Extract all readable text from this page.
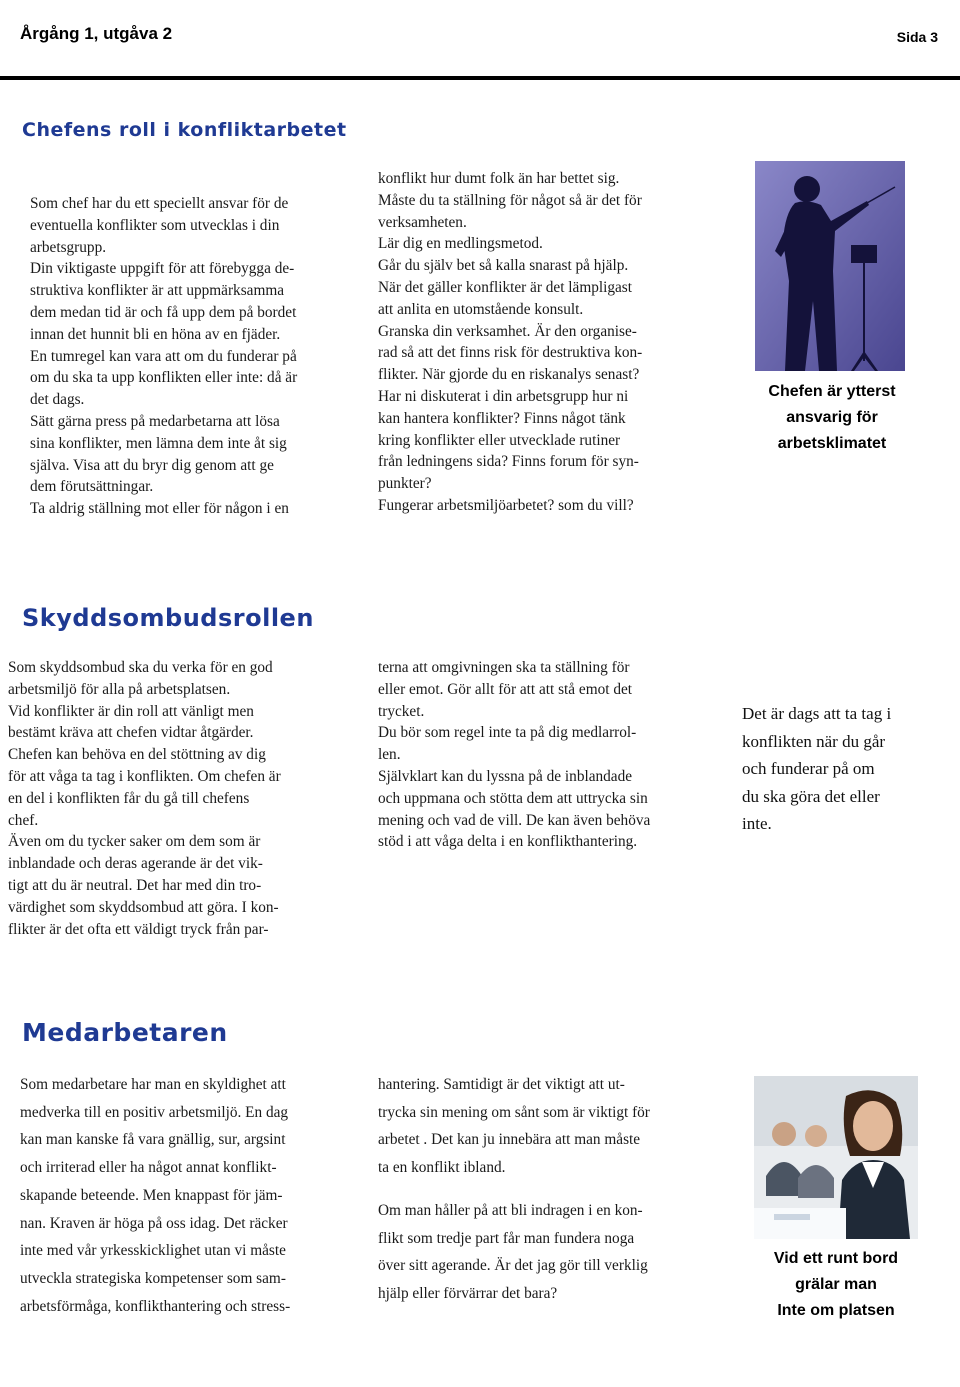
Årgång 1, utgåva 2	Sida 3
Chefens roll i konfliktarbetet

Som chef har du ett speciellt ansvar för de
eventuella konflikter som utvecklas i din
arbetsgrupp.
Din viktigaste uppgift för att förebygga de-
struktiva konflikter är att uppmärksamma
dem medan tid är och få upp dem på bordet
innan det hunnit bli en höna av en fjäder.
En tumregel kan vara att om du funderar på
om du ska ta upp konflikten eller inte: då är
det dags.
Sätt gärna press på medarbetarna att lösa
sina konflikter, men lämna dem inte åt sig
själva. Visa att du bryr dig genom att ge
dem förutsättningar.
Ta aldrig ställning mot eller för någon i en

konflikt hur dumt folk än har bettet sig.
Måste du ta ställning för något så är det för
verksamheten.
Lär dig en medlingsmetod.
Går du själv bet så kalla snarast på hjälp.
När det gäller konflikter är det lämpligast
att anlita en utomstående konsult.
Granska din verksamhet. Är den organise-
rad så att det finns risk för destruktiva kon-
flikter. När gjorde du en riskanalys senast?
Har ni diskuterat i din arbetsgrupp hur ni
kan hantera konflikter? Finns något tänk
kring konflikter eller utvecklade rutiner
från ledningens sida? Finns forum för syn-
punkter?
Fungerar arbetsmiljöarbetet? som du vill?

Chefen är ytterst
ansvarig för
arbetsklimatet
Skyddsombudsrollen

Som skyddsombud ska du verka för en god
arbetsmiljö för alla på arbetsplatsen.
Vid konflikter är din roll att vänligt men
bestämt kräva att chefen vidtar åtgärder.
Chefen kan behöva en del stöttning av dig
för att våga ta tag i konflikten. Om chefen är
en del i konflikten får du gå till chefens
chef.
Även om du tycker saker om dem som är
inblandade och deras agerande är det vik-
tigt att du är neutral. Det har med din tro-
värdighet som skyddsombud att göra. I kon-
flikter är det ofta ett väldigt tryck från par-

terna att omgivningen ska ta ställning för
eller emot. Gör allt för att att stå emot det
trycket.
Du bör som regel inte ta på dig medlarrol-
len.
Självklart kan du lyssna på de inblandade
och uppmana och stötta dem att uttrycka sin
mening och vad de vill. De kan även behöva
stöd i att våga delta i en konflikthantering.

Det är dags att ta tag i
konflikten när du går
och funderar på om
du ska göra det eller
inte.
Medarbetaren

Som medarbetare har man en skyldighet att
medverka till en positiv arbetsmiljö. En dag
kan man kanske få vara gnällig, sur, argsint
och irriterad eller ha något annat konflikt-
skapande beteende. Men knappast för jäm-
nan. Kraven är höga på oss idag. Det räcker
inte med vår yrkesskicklighet utan vi måste
utveckla strategiska kompetenser som sam-
arbetsförmåga, konflikthantering och stress-

hantering. Samtidigt är det viktigt att ut-
trycka sin mening om sånt som är viktigt för
arbetet . Det kan ju innebära att man måste
ta en konflikt ibland.

Om man håller på att bli indragen i en kon-
flikt som tredje part får man fundera noga
över sitt agerande. Är det jag gör till verklig
hjälp eller förvärrar det bara?

Vid ett runt bord
grälar man
Inte om platsen
